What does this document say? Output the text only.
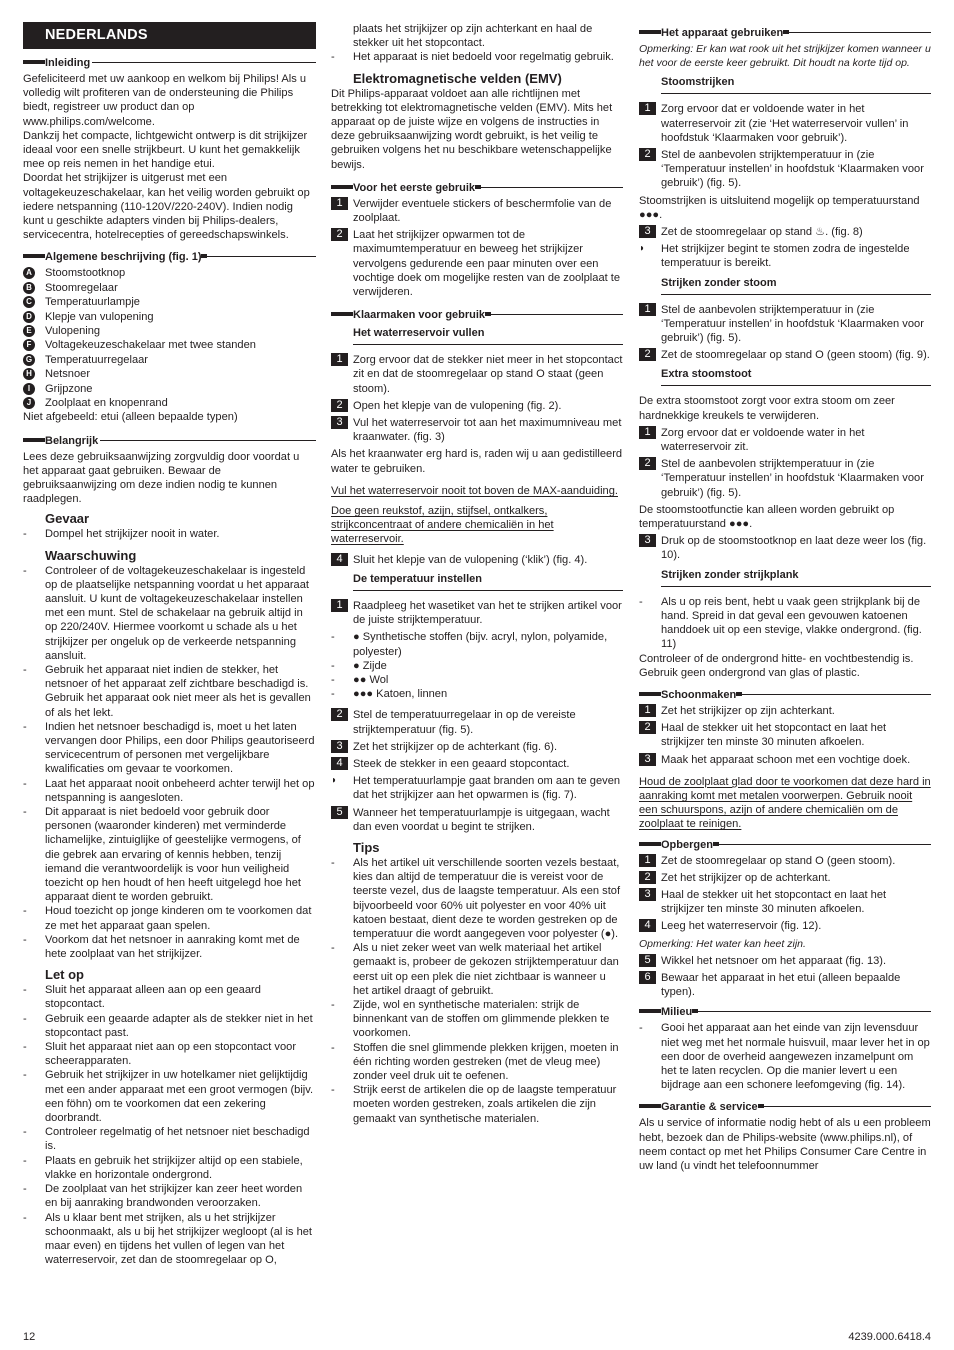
NEDERLANDS
Inleiding

Gefeliciteerd met uw aankoop en welkom bij Philips! Als u volledig wilt profiteren van de ondersteuning die Philips biedt, registreer uw product dan op www.philips.com/welcome.

Dankzij het compacte, lichtgewicht ontwerp is dit strijkijzer ideaal voor een snelle strijkbeurt. U kunt het gemakkelijk mee op reis nemen in het handige etui.

Doordat het strijkijzer is uitgerust met een voltagekeuzeschakelaar, kan het veilig worden gebruikt op iedere netspanning (110-120V/220-240V). Indien nodig kunt u geschikte adapters vinden bij Philips-dealers, servicecentra, hotelrecepties of gereedschapswinkels.

Algemene beschrijving (fig. 1)
A Stoomstootknop
B Stoomregelaar
C Temperatuurlampje
D Klepje van vulopening
E Vulopening
F	Voltagekeuzeschakelaar met twee standen
G Temperatuurregelaar
H Netsnoer
I	Grijpzone
J	Zoolplaat en knopenrand

Niet afgebeeld: etui (alleen bepaalde typen)

Belangrijk

Lees deze gebruiksaanwijzing zorgvuldig door voordat u het apparaat gaat gebruiken. Bewaar de gebruiksaanwijzing om deze indien nodig te kunnen raadplegen.

Gevaar
- Dompel het strijkijzer nooit in water.
Waarschuwing
- Controleer of de voltagekeuzeschakelaar is ingesteld op de plaatselijke netspanning voordat u het apparaat aansluit. U kunt de voltagekeuzeschakelaar instellen met een munt. Stel de schakelaar na gebruik altijd in op 220/240V. Hiermee voorkomt u schade als u het strijkijzer per ongeluk op de verkeerde netspanning aansluit.
- Gebruik het apparaat niet indien de stekker, het netsnoer of het apparaat zelf zichtbare beschadigd is. Gebruik het apparaat ook niet meer als het is gevallen of als het lekt.
- Indien het netsnoer beschadigd is, moet u het laten vervangen door Philips, een door Philips geautoriseerd servicecentrum of personen met vergelijkbare kwalificaties om gevaar te voorkomen.
- Laat het apparaat nooit onbeheerd achter terwijl het op netspanning is aangesloten.
- Dit apparaat is niet bedoeld voor gebruik door personen (waaronder kinderen) met verminderde lichamelijke, zintuiglijke of geestelijke vermogens, of die gebrek aan ervaring of kennis hebben, tenzij iemand die verantwoordelijk is voor hun veiligheid toezicht op hen houdt of hen heeft uitgelegd hoe het apparaat dient te worden gebruikt.
- Houd toezicht op jonge kinderen om te voorkomen dat ze met het apparaat gaan spelen.
- Voorkom dat het netsnoer in aanraking komt met de hete zoolplaat van het strijkijzer.
Let op
- Sluit het apparaat alleen aan op een geaard stopcontact.
- Gebruik een geaarde adapter als de stekker niet in het stopcontact past.
- Sluit het apparaat niet aan op een stopcontact voor scheerapparaten.
- Gebruik het strijkijzer in uw hotelkamer niet gelijktijdig met een ander apparaat met een groot vermogen (bijv. een föhn) om te voorkomen dat een zekering doorbrandt.
- Controleer regelmatig of het netsnoer niet beschadigd is.
- Plaats en gebruik het strijkijzer altijd op een stabiele, vlakke en horizontale ondergrond.
- De zoolplaat van het strijkijzer kan zeer heet worden en bij aanraking brandwonden veroorzaken.
- Als u klaar bent met strijken, als u het strijkijzer schoonmaakt, als u bij het strijkijzer wegloopt (al is het maar even) en tijdens het vullen of legen van het waterreservoir, zet dan de stoomregelaar op O,

plaats het strijkijzer op zijn achterkant en haal de stekker uit het stopcontact.

- Het apparaat is niet bedoeld voor regelmatig gebruik.
Elektromagnetische velden (EMV)

Dit Philips-apparaat voldoet aan alle richtlijnen met betrekking tot elektromagnetische velden (EMV). Mits het apparaat op de juiste wijze en volgens de instructies in deze gebruiksaanwijzing wordt gebruikt, is het veilig te gebruiken volgens het nu beschikbare wetenschappelijke bewijs.

Voor het eerste gebruik
1 Verwijder eventuele stickers of beschermfolie van de zoolplaat.
2 Laat het strijkijzer opwarmen tot de maximumtemperatuur en beweeg het strijkijzer vervolgens gedurende een paar minuten over een vochtige doek om mogelijke resten van de zoolplaat te verwijderen.
Klaarmaken voor gebruik
Het waterreservoir vullen
1 Zorg ervoor dat de stekker niet meer in het stopcontact zit en dat de stoomregelaar op stand O staat (geen stoom).
2 Open het klepje van de vulopening (fig. 2).
3 Vul het waterreservoir tot aan het maximumniveau met kraanwater. (fig. 3)

Als het kraanwater erg hard is, raden wij u aan gedistilleerd water te gebruiken.

Vul het waterreservoir nooit tot boven de MAX-aanduiding.

Doe geen reukstof, azijn, stijfsel, ontkalkers, strijkconcentraat of andere chemicaliën in het waterreservoir.

4 Sluit het klepje van de vulopening (‘klik’) (fig. 4).
De temperatuur instellen
1 Raadpleeg het wasetiket van het te strijken artikel voor de juiste strijktemperatuur.
- ● Synthetische stoffen (bijv. acryl, nylon, polyamide, polyester)
- ● Zijde
- ●● Wol
- ●●● Katoen, linnen
2 Stel de temperatuurregelaar in op de vereiste strijktemperatuur (fig. 5).
3 Zet het strijkijzer op de achterkant (fig. 6).
4 Steek de stekker in een geaard stopcontact.
◗ Het temperatuurlampje gaat branden om aan te geven dat het strijkijzer aan het opwarmen is (fig. 7).
5 Wanneer het temperatuurlampje is uitgegaan, wacht dan even voordat u begint te strijken.
Tips
- Als het artikel uit verschillende soorten vezels bestaat, kies dan altijd de temperatuur die is vereist voor de teerste vezel, dus de laagste temperatuur. Als een stof bijvoorbeeld voor 60% uit polyester en voor 40% uit katoen bestaat, dient deze te worden gestreken op de temperatuur die wordt aangegeven voor polyester (●).
- Als u niet zeker weet van welk materiaal het artikel gemaakt is, probeer de gekozen strijktemperatuur dan eerst uit op een plek die niet zichtbaar is wanneer u het artikel draagt of gebruikt.
- Zijde, wol en synthetische materialen: strijk de binnenkant van de stoffen om glimmende plekken te voorkomen.
- Stoffen die snel glimmende plekken krijgen, moeten in één richting worden gestreken (met de vleug mee) zonder veel druk uit te oefenen.
- Strijk eerst de artikelen die op de laagste temperatuur moeten worden gestreken, zoals artikelen die zijn gemaakt van synthetische materialen.
Het apparaat gebruiken

Opmerking: Er kan wat rook uit het strijkijzer komen wanneer u het voor de eerste keer gebruikt. Dit houdt na korte tijd op.

Stoomstrijken
1 Zorg ervoor dat er voldoende water in het waterreservoir zit (zie ‘Het waterreservoir vullen’ in hoofdstuk ‘Klaarmaken voor gebruik’).
2 Stel de aanbevolen strijktemperatuur in (zie ‘Temperatuur instellen’ in hoofdstuk ‘Klaarmaken voor gebruik’) (fig. 5).

Stoomstrijken is uitsluitend mogelijk op temperatuurstand ●●●.

3 Zet de stoomregelaar op stand ♨. (fig. 8)
◗ Het strijkijzer begint te stomen zodra de ingestelde temperatuur is bereikt.
Strijken zonder stoom
1 Stel de aanbevolen strijktemperatuur in (zie ‘Temperatuur instellen’ in hoofdstuk ‘Klaarmaken voor gebruik’) (fig. 5).
2 Zet de stoomregelaar op stand O (geen stoom) (fig. 9).
Extra stoomstoot

De extra stoomstoot zorgt voor extra stoom om zeer hardnekkige kreukels te verwijderen.

1 Zorg ervoor dat er voldoende water in het waterreservoir zit.
2 Stel de aanbevolen strijktemperatuur in (zie ‘Temperatuur instellen’ in hoofdstuk ‘Klaarmaken voor gebruik’) (fig. 5).

De stoomstootfunctie kan alleen worden gebruikt op temperatuurstand ●●●.

3 Druk op de stoomstootknop en laat deze weer los (fig. 10).
Strijken zonder strijkplank
- Als u op reis bent, hebt u vaak geen strijkplank bij de hand. Spreid in dat geval een gevouwen katoenen handdoek uit op een stevige, vlakke ondergrond. (fig. 11)

Controleer of de ondergrond hitte- en vochtbestendig is. Gebruik geen ondergrond van glas of plastic.

Schoonmaken
1 Zet het strijkijzer op zijn achterkant.
2 Haal de stekker uit het stopcontact en laat het strijkijzer ten minste 30 minuten afkoelen.
3 Maak het apparaat schoon met een vochtige doek.

Houd de zoolplaat glad door te voorkomen dat deze hard in aanraking komt met metalen voorwerpen. Gebruik nooit een schuurspons, azijn of andere chemicaliën om de zoolplaat te reinigen.

Opbergen
1 Zet de stoomregelaar op stand O (geen stoom).
2 Zet het strijkijzer op de achterkant.
3 Haal de stekker uit het stopcontact en laat het strijkijzer ten minste 30 minuten afkoelen.
4 Leeg het waterreservoir (fig. 12).

Opmerking: Het water kan heet zijn.

5 Wikkel het netsnoer om het apparaat (fig. 13).
6 Bewaar het apparaat in het etui (alleen bepaalde typen).
Milieu
- Gooi het apparaat aan het einde van zijn levensduur niet weg met het normale huisvuil, maar lever het in op een door de overheid aangewezen inzamelpunt om het te laten recyclen. Op die manier levert u een bijdrage aan een schonere leefomgeving (fig. 14).
Garantie & service

Als u service of informatie nodig hebt of als u een probleem hebt, bezoek dan de Philips-website (www.philips.nl), of neem contact op met het Philips Consumer Care Centre in uw land (u vindt het telefoonnummer

12	4239.000.6418.4
